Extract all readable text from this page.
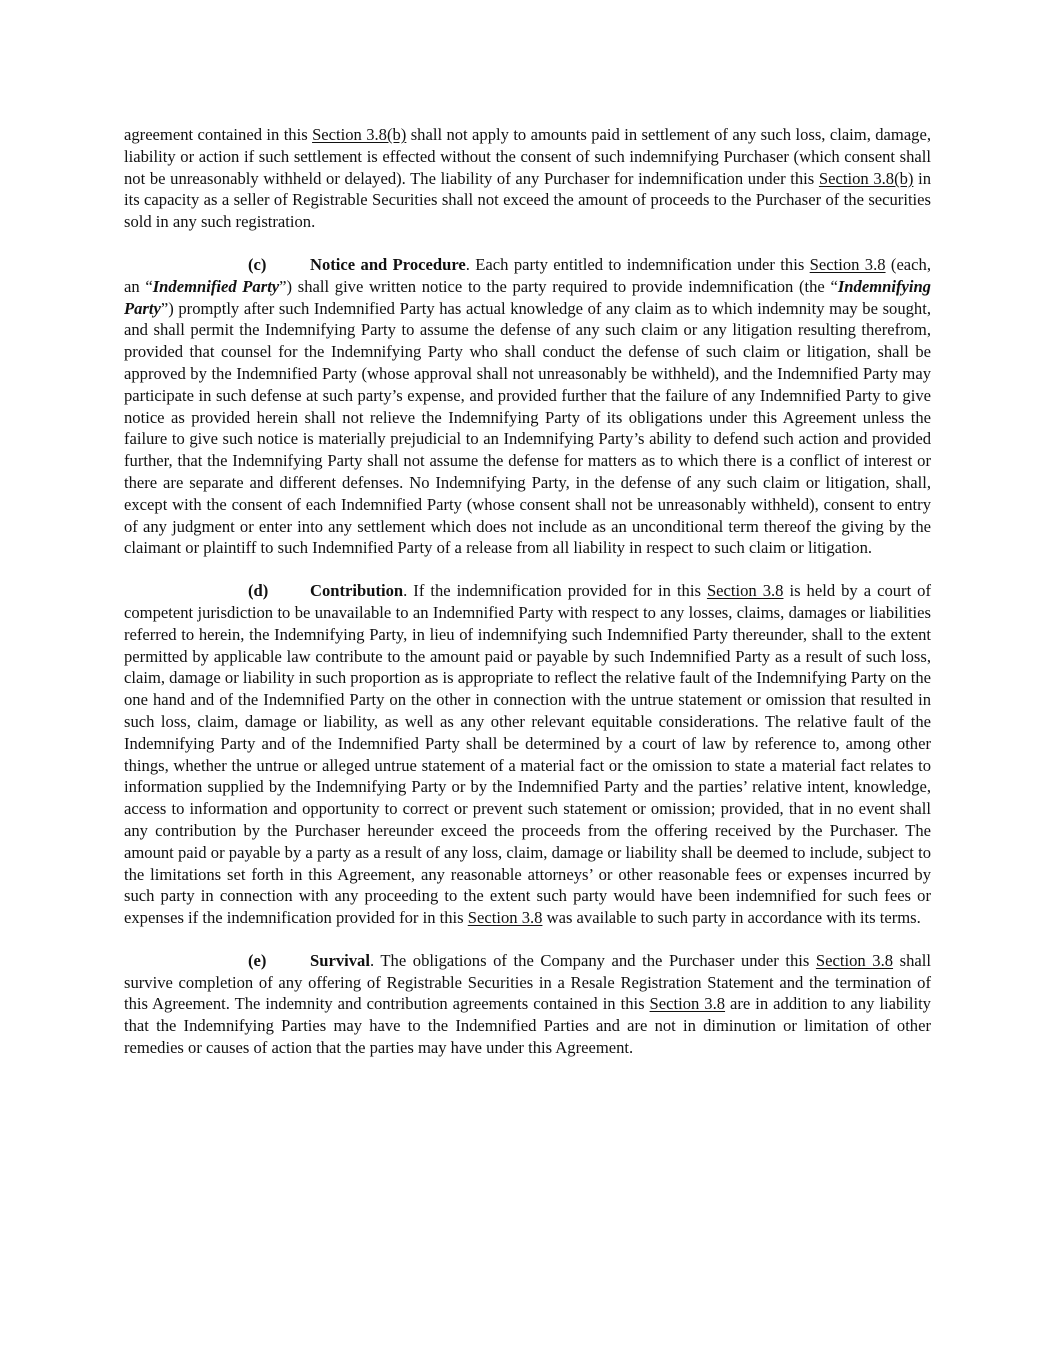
agreement contained in this Section 3.8(b) shall not apply to amounts paid in settlement of any such loss, claim, damage, liability or action if such settlement is effected without the consent of such indemnifying Purchaser (which consent shall not be unreasonably withheld or delayed). The liability of any Purchaser for indemnification under this Section 3.8(b) in its capacity as a seller of Registrable Securities shall not exceed the amount of proceeds to the Purchaser of the securities sold in any such registration.

(c)	Notice and Procedure. Each party entitled to indemnification under this Section 3.8 (each, an “Indemnified Party”) shall give written notice to the party required to provide indemnification (the “Indemnifying Party”) promptly after such Indemnified Party has actual knowledge of any claim as to which indemnity may be sought, and shall permit the Indemnifying Party to assume the defense of any such claim or any litigation resulting therefrom, provided that counsel for the Indemnifying Party who shall conduct the defense of such claim or litigation, shall be approved by the Indemnified Party (whose approval shall not unreasonably be withheld), and the Indemnified Party may participate in such defense at such party’s expense, and provided further that the failure of any Indemnified Party to give notice as provided herein shall not relieve the Indemnifying Party of its obligations under this Agreement unless the failure to give such notice is materially prejudicial to an Indemnifying Party’s ability to defend such action and provided further, that the Indemnifying Party shall not assume the defense for matters as to which there is a conflict of interest or there are separate and different defenses. No Indemnifying Party, in the defense of any such claim or litigation, shall, except with the consent of each Indemnified Party (whose consent shall not be unreasonably withheld), consent to entry of any judgment or enter into any settlement which does not include as an unconditional term thereof the giving by the claimant or plaintiff to such Indemnified Party of a release from all liability in respect to such claim or litigation.

(d)	Contribution. If the indemnification provided for in this Section 3.8 is held by a court of competent jurisdiction to be unavailable to an Indemnified Party with respect to any losses, claims, damages or liabilities referred to herein, the Indemnifying Party, in lieu of indemnifying such Indemnified Party thereunder, shall to the extent permitted by applicable law contribute to the amount paid or payable by such Indemnified Party as a result of such loss, claim, damage or liability in such proportion as is appropriate to reflect the relative fault of the Indemnifying Party on the one hand and of the Indemnified Party on the other in connection with the untrue statement or omission that resulted in such loss, claim, damage or liability, as well as any other relevant equitable considerations. The relative fault of the Indemnifying Party and of the Indemnified Party shall be determined by a court of law by reference to, among other things, whether the untrue or alleged untrue statement of a material fact or the omission to state a material fact relates to information supplied by the Indemnifying Party or by the Indemnified Party and the parties’ relative intent, knowledge, access to information and opportunity to correct or prevent such statement or omission; provided, that in no event shall any contribution by the Purchaser hereunder exceed the proceeds from the offering received by the Purchaser. The amount paid or payable by a party as a result of any loss, claim, damage or liability shall be deemed to include, subject to the limitations set forth in this Agreement, any reasonable attorneys’ or other reasonable fees or expenses incurred by such party in connection with any proceeding to the extent such party would have been indemnified for such fees or expenses if the indemnification provided for in this Section 3.8 was available to such party in accordance with its terms.

(e)	Survival. The obligations of the Company and the Purchaser under this Section 3.8 shall survive completion of any offering of Registrable Securities in a Resale Registration Statement and the termination of this Agreement. The indemnity and contribution agreements contained in this Section 3.8 are in addition to any liability that the Indemnifying Parties may have to the Indemnified Parties and are not in diminution or limitation of other remedies or causes of action that the parties may have under this Agreement.
